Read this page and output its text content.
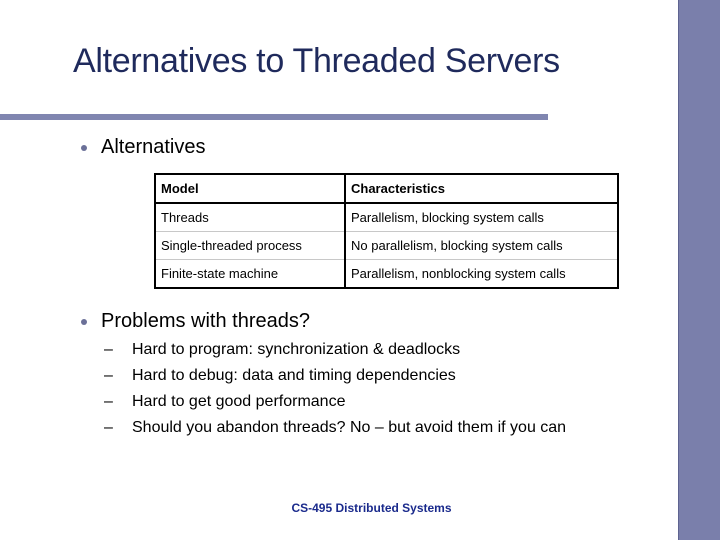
Alternatives to Threaded Servers
Alternatives
Model	Characteristics
Threads	Parallelism, blocking system calls
Single-threaded process	No parallelism, blocking system calls
Finite-state machine	Parallelism, nonblocking system calls
Problems with threads?
–	Hard to program: synchronization & deadlocks
–	Hard to debug: data and timing dependencies
–	Hard to get good performance
–	Should you abandon threads? No – but avoid them if you can
CS-495 Distributed Systems
